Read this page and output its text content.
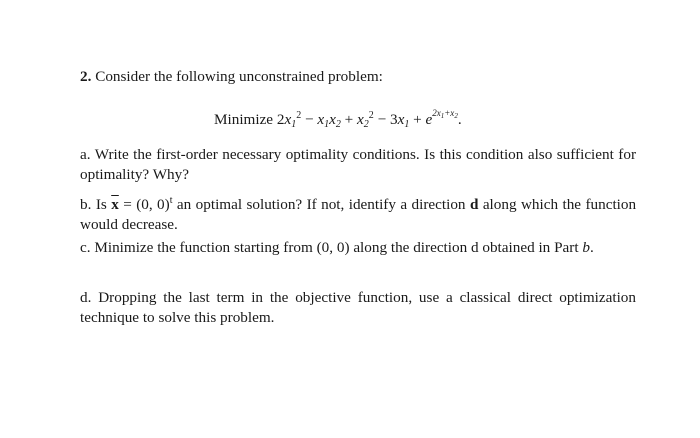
2. Consider the following unconstrained problem:
Minimize $2x_1^2 - x_1x_2 + x_2^2 - 3x_1 + e^{2x_1+x_2}$.
a. Write the first-order necessary optimality conditions. Is this condition also sufficient for optimality? Why?
b. Is $\overline{x} = (0$, 0)$^t$ an optimal solution? If not, identify a direction d along which the function would decrease.
c. Minimize the function starting from (0, 0) along the direction d obtained in Part b.
d. Dropping the last term in the objective function, use a classical direct optimization technique to solve this problem.
